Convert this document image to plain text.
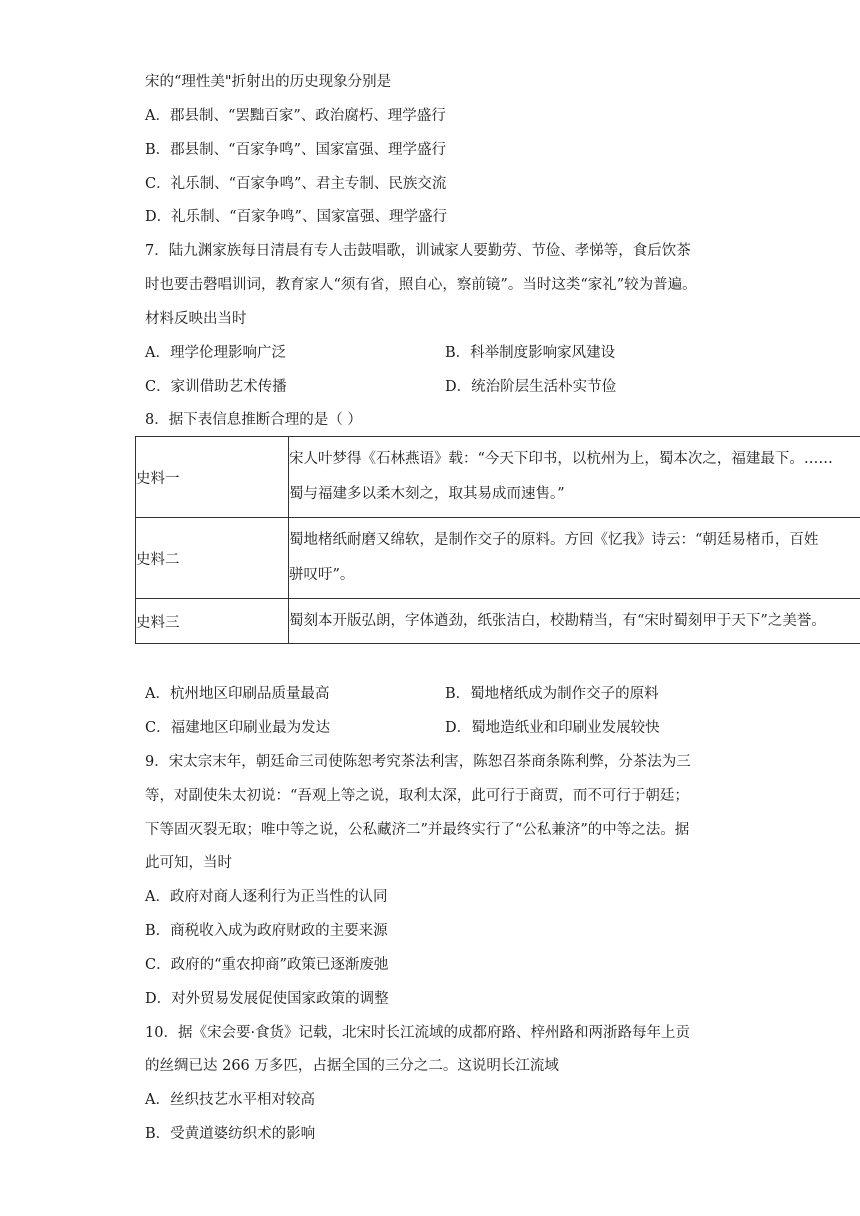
宋的“理性美"折射出的历史现象分别是
A．郡县制、“罢黜百家”、政治腐朽、理学盛行
B．郡县制、“百家争鸣”、国家富强、理学盛行
C．礼乐制、“百家争鸣”、君主专制、民族交流
D．礼乐制、“百家争鸣”、国家富强、理学盛行
7．陆九渊家族每日清晨有专人击鼓唱歌，训诫家人要勤劳、节俭、孝悌等，食后饮茶
时也要击磬唱训词，教育家人“须有省，照自心，察前镜”。当时这类“家礼”较为普遍。
材料反映出当时
A．理学伦理影响广泛	B．科举制度影响家风建设
C．家训借助艺术传播	D．统治阶层生活朴实节俭
8．据下表信息推断合理的是（ ）
史料一	宋人叶梦得《石林燕语》载：“今天下印书，以杭州为上，蜀本次之，福建最下。……
蜀与福建多以柔木刻之，取其易成而速售。”

史料二	蜀地楮纸耐磨又绵软，是制作交子的原料。方回《忆我》诗云：“朝廷易楮币，百姓
骈叹吁”。

史料三	蜀刻本开版弘朗，字体遒劲，纸张洁白，校勘精当，有“宋时蜀刻甲于天下”之美誉。
A．杭州地区印刷品质量最高	B．蜀地楮纸成为制作交子的原料
C．福建地区印刷业最为发达	D．蜀地造纸业和印刷业发展较快
9．宋太宗末年，朝廷命三司使陈恕考究茶法利害，陈恕召茶商条陈利弊，分茶法为三
等，对副使朱太初说：“吾观上等之说，取利太深，此可行于商贾，而不可行于朝廷；
下等固灭裂无取；唯中等之说，公私藏济二”并最终实行了“公私兼济”的中等之法。据
此可知，当时
A．政府对商人逐利行为正当性的认同
B．商税收入成为政府财政的主要来源
C．政府的“重农抑商”政策已逐渐废弛
D．对外贸易发展促使国家政策的调整
10．据《宋会要·食货》记载，北宋时长江流域的成都府路、梓州路和两浙路每年上贡
的丝绸已达 266 万多匹，占据全国的三分之二。这说明长江流域
A．丝织技艺水平相对较高
B．受黄道婆纺织术的影响
